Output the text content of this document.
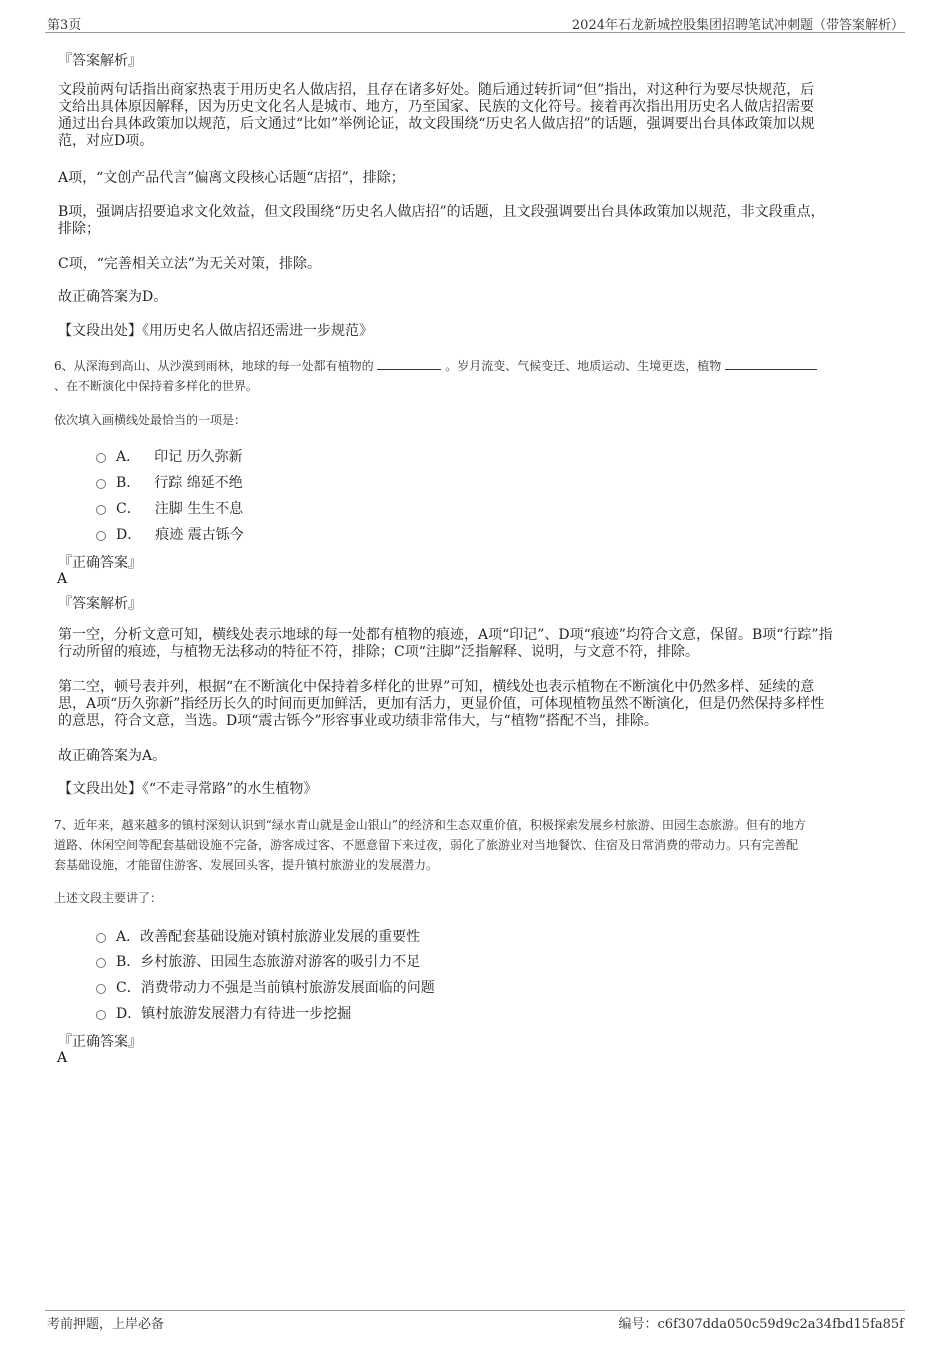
第3页	2024年石龙新城控股集团招聘笔试冲刺题（带答案解析）
『答案解析』
文段前两句话指出商家热衷于用历史名人做店招，且存在诸多好处。随后通过转折词“但”指出，对这种行为要尽快规范，后
文给出具体原因解释，因为历史文化名人是城市、地方，乃至国家、民族的文化符号。接着再次指出用历史名人做店招需要
通过出台具体政策加以规范，后文通过“比如”举例论证，故文段围绕“历史名人做店招”的话题，强调要出台具体政策加以规
范，对应D项。
A项，“文创产品代言”偏离文段核心话题“店招”，排除；
B项，强调店招要追求文化效益，但文段围绕“历史名人做店招”的话题，且文段强调要出台具体政策加以规范，非文段重点，
排除；
C项，“完善相关立法”为无关对策，排除。
故正确答案为D。
【文段出处】《用历史名人做店招还需进一步规范》
6、从深海到高山、从沙漠到雨林，地球的每一处都有植物的	。岁月流变、气候变迁、地质运动、生境更迭，植物
、在不断演化中保持着多样化的世界。
依次填入画横线处最恰当的一项是：
A． 印记 历久弥新
B． 行踪 绵延不绝
C． 注脚 生生不息
D． 痕迹 震古铄今
『正确答案』
A
『答案解析』
第一空，分析文意可知，横线处表示地球的每一处都有植物的痕迹，A项“印记”、D项“痕迹”均符合文意，保留。B项“行踪”指
行动所留的痕迹，与植物无法移动的特征不符，排除；C项“注脚”泛指解释、说明，与文意不符，排除。
第二空，顿号表并列，根据“在不断演化中保持着多样化的世界”可知，横线处也表示植物在不断演化中仍然多样、延续的意
思，A项“历久弥新”指经历长久的时间而更加鲜活，更加有活力，更显价值，可体现植物虽然不断演化，但是仍然保持多样性
的意思，符合文意，当选。D项“震古铄今”形容事业或功绩非常伟大，与“植物”搭配不当，排除。
故正确答案为A。
【文段出处】《“不走寻常路”的水生植物》
7、近年来，越来越多的镇村深刻认识到“绿水青山就是金山银山”的经济和生态双重价值，积极探索发展乡村旅游、田园生态旅游。但有的地方
道路、休闲空间等配套基础设施不完备，游客成过客、不愿意留下来过夜，弱化了旅游业对当地餐饮、住宿及日常消费的带动力。只有完善配
套基础设施，才能留住游客、发展回头客，提升镇村旅游业的发展潜力。
上述文段主要讲了：
A． 改善配套基础设施对镇村旅游业发展的重要性
B． 乡村旅游、田园生态旅游对游客的吸引力不足
C． 消费带动力不强是当前镇村旅游发展面临的问题
D． 镇村旅游发展潜力有待进一步挖掘
『正确答案』
A
考前押题，上岸必备	编号：c6f307dda050c59d9c2a34fbd15fa85f
